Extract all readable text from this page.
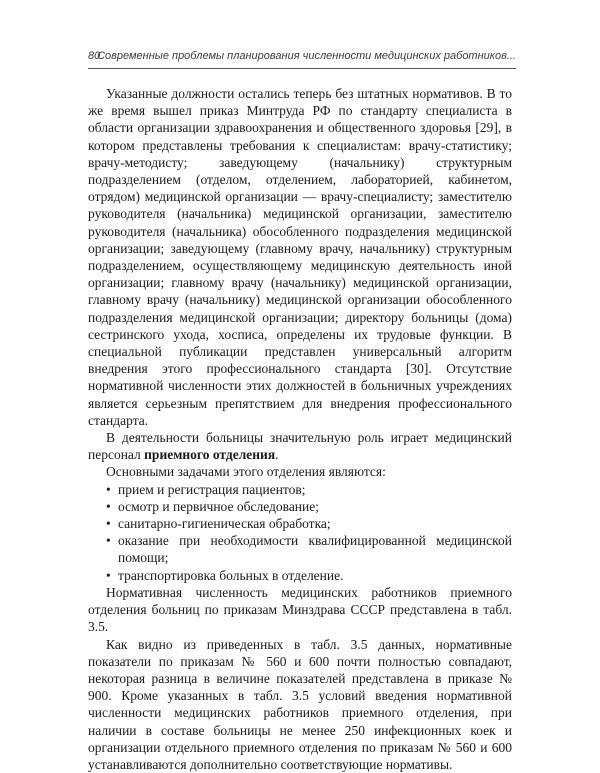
80
Современные проблемы планирования численности медицинских работников...

Указанные должности остались теперь без штатных нормативов. В то же время вышел приказ Минтруда РФ по стандарту специалиста в области организации здравоохранения и общественного здоровья [29], в котором представлены требования к специалистам: врачу-статистику; врачу-методисту; заведующему (начальнику) структурным подразделением (отделом, отделением, лабораторией, кабинетом, отрядом) медицинской организации — врачу-специалисту; заместителю руководителя (начальника) медицинской организации, заместителю руководителя (начальника) обособленного подразделения медицинской организации; заведующему (главному врачу, начальнику) структурным подразделением, осуществляющему медицинскую деятельность иной организации; главному врачу (начальнику) медицинской организации, главному врачу (начальнику) медицинской организации обособленного подразделения медицинской организации; директору больницы (дома) сестринского ухода, хосписа, определены их трудовые функции. В специальной публикации представлен универсальный алгоритм внедрения этого профессионального стандарта [30]. Отсутствие нормативной численности этих должностей в больничных учреждениях является серьезным препятствием для внедрения профессионального стандарта.

В деятельности больницы значительную роль играет медицинский персонал приемного отделения.

Основными задачами этого отделения являются:

• прием и регистрация пациентов;
• осмотр и первичное обследование;
• санитарно-гигиеническая обработка;
• оказание при необходимости квалифицированной медицинской помощи;
• транспортировка больных в отделение.

Нормативная численность медицинских работников приемного отделения больниц по приказам Минздрава СССР представлена в табл. 3.5.

Как видно из приведенных в табл. 3.5 данных, нормативные показатели по приказам № 560 и 600 почти полностью совпадают, некоторая разница в величине показателей представлена в приказе № 900. Кроме указанных в табл. 3.5 условий введения нормативной численности медицинских работников приемного отделения, при наличии в составе больницы не менее 250 инфекционных коек и организации отдельного приемного отделения по приказам № 560 и 600 устанавливаются дополнительно соответствующие нормативы.
